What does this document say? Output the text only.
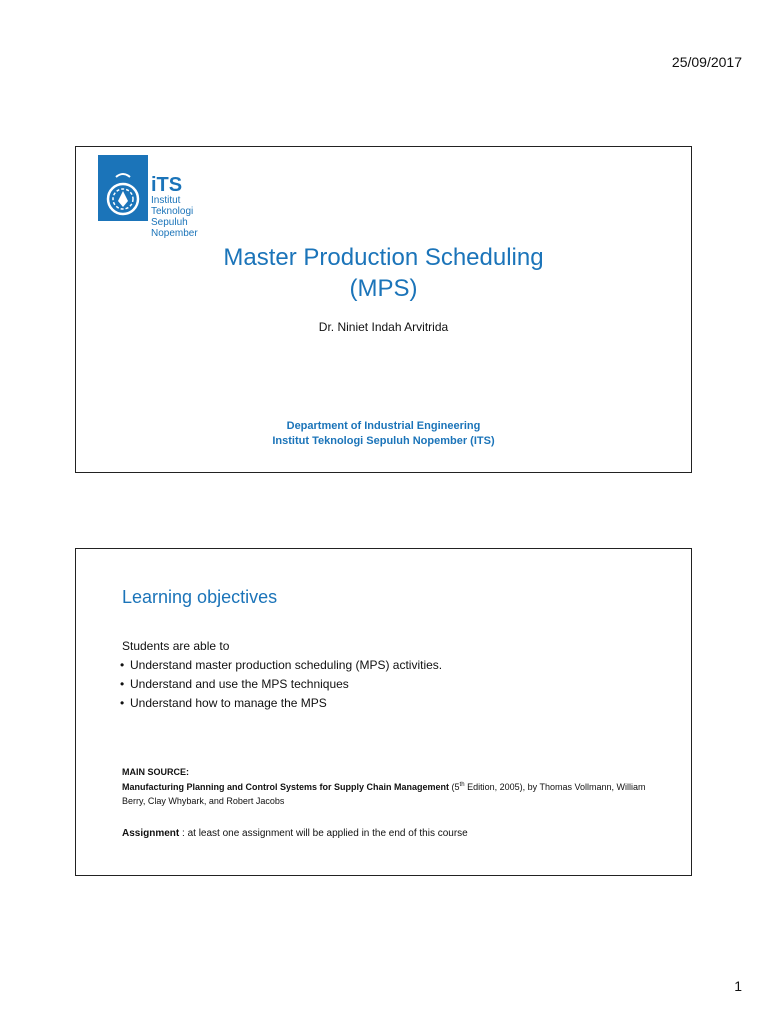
25/09/2017
iTS
Institut
Teknologi
Sepuluh Nopember
Master Production Scheduling
(MPS)
Dr. Niniet Indah Arvitrida
Department of Industrial Engineering
Institut Teknologi Sepuluh Nopember (ITS)
Learning objectives
Students are able to
• Understand master production scheduling (MPS) activities.
• Understand and use the MPS techniques
• Understand how to manage the MPS
MAIN SOURCE:
Manufacturing Planning and Control Systems for Supply Chain Management (5th Edition, 2005), by Thomas Vollmann, William Berry, Clay Whybark, and Robert Jacobs
Assignment : at least one assignment will be applied in the end of this course
1
